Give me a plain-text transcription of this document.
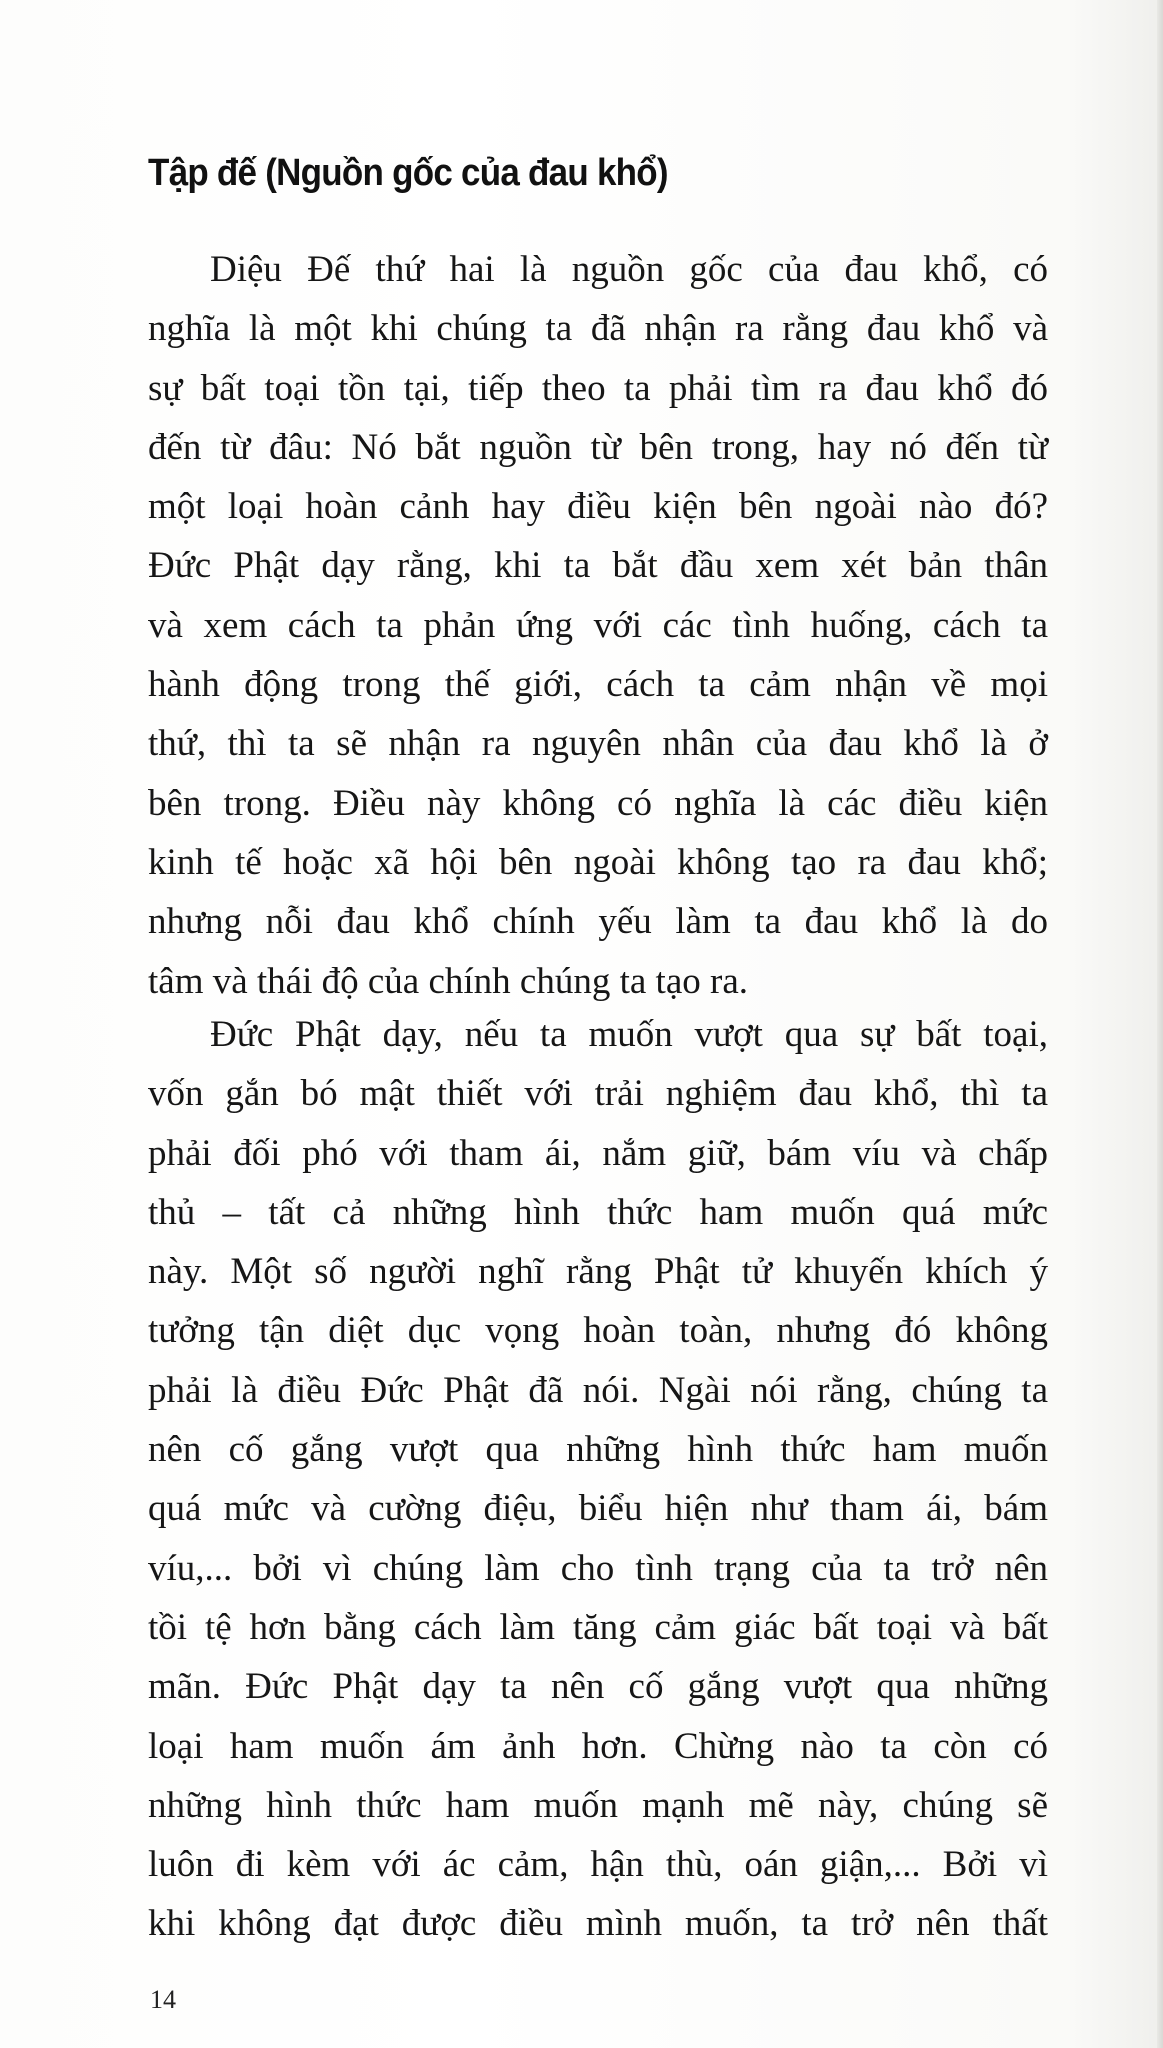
Tập đế (Nguồn gốc của đau khổ)
Diệu Đế thứ hai là nguồn gốc của đau khổ, có
nghĩa là một khi chúng ta đã nhận ra rằng đau khổ và
sự bất toại tồn tại, tiếp theo ta phải tìm ra đau khổ đó
đến từ đâu: Nó bắt nguồn từ bên trong, hay nó đến từ
một loại hoàn cảnh hay điều kiện bên ngoài nào đó?
Đức Phật dạy rằng, khi ta bắt đầu xem xét bản thân
và xem cách ta phản ứng với các tình huống, cách ta
hành động trong thế giới, cách ta cảm nhận về mọi
thứ, thì ta sẽ nhận ra nguyên nhân của đau khổ là ở
bên trong. Điều này không có nghĩa là các điều kiện
kinh tế hoặc xã hội bên ngoài không tạo ra đau khổ;
nhưng nỗi đau khổ chính yếu làm ta đau khổ là do
tâm và thái độ của chính chúng ta tạo ra.
Đức Phật dạy, nếu ta muốn vượt qua sự bất toại,
vốn gắn bó mật thiết với trải nghiệm đau khổ, thì ta
phải đối phó với tham ái, nắm giữ, bám víu và chấp
thủ – tất cả những hình thức ham muốn quá mức
này. Một số người nghĩ rằng Phật tử khuyến khích ý
tưởng tận diệt dục vọng hoàn toàn, nhưng đó không
phải là điều Đức Phật đã nói. Ngài nói rằng, chúng ta
nên cố gắng vượt qua những hình thức ham muốn
quá mức và cường điệu, biểu hiện như tham ái, bám
víu,... bởi vì chúng làm cho tình trạng của ta trở nên
tồi tệ hơn bằng cách làm tăng cảm giác bất toại và bất
mãn. Đức Phật dạy ta nên cố gắng vượt qua những
loại ham muốn ám ảnh hơn. Chừng nào ta còn có
những hình thức ham muốn mạnh mẽ này, chúng sẽ
luôn đi kèm với ác cảm, hận thù, oán giận,... Bởi vì
khi không đạt được điều mình muốn, ta trở nên thất
14
